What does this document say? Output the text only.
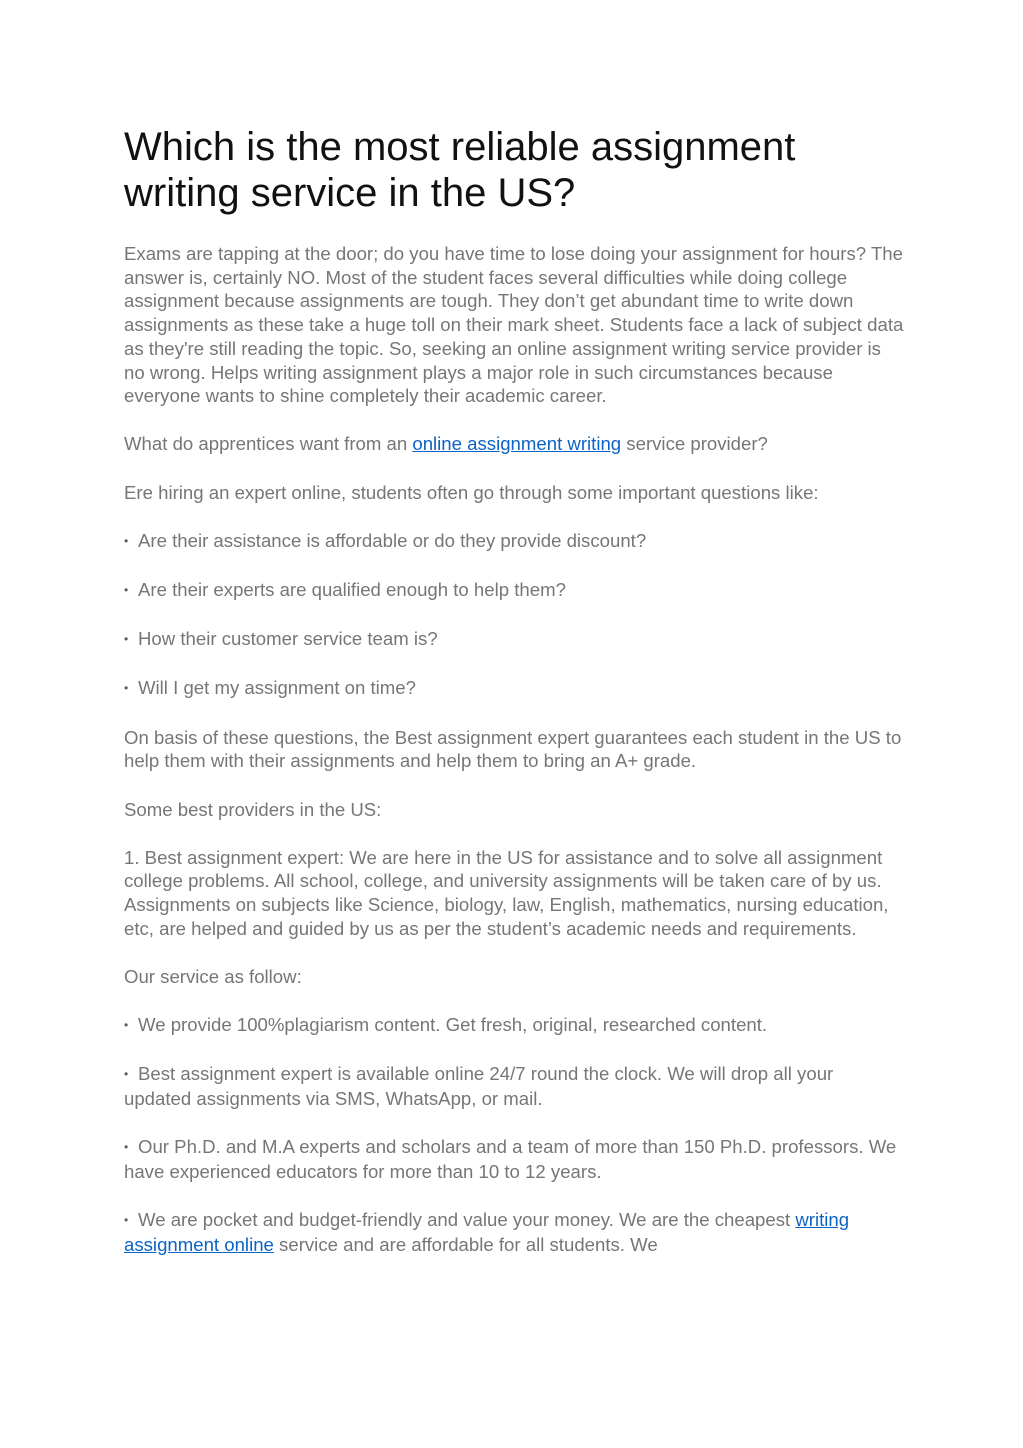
Which is the most reliable assignment writing service in the US?

Exams are tapping at the door; do you have time to lose doing your assignment for hours? The answer is, certainly NO. Most of the student faces several difficulties while doing college assignment because assignments are tough. They don’t get abundant time to write down assignments as these take a huge toll on their mark sheet. Students face a lack of subject data as they're still reading the topic. So, seeking an online assignment writing service provider is no wrong. Helps writing assignment plays a major role in such circumstances because everyone wants to shine completely their academic career.

What do apprentices want from an online assignment writing service provider?

Ere hiring an expert online, students often go through some important questions like:

• Are their assistance is affordable or do they provide discount?

• Are their experts are qualified enough to help them?

• How their customer service team is?

• Will I get my assignment on time?

On basis of these questions, the Best assignment expert guarantees each student in the US to help them with their assignments and help them to bring an A+ grade.

Some best providers in the US:

1. Best assignment expert: We are here in the US for assistance and to solve all assignment college problems. All school, college, and university assignments will be taken care of by us. Assignments on subjects like Science, biology, law, English, mathematics, nursing education, etc, are helped and guided by us as per the student’s academic needs and requirements.

Our service as follow:

• We provide 100%plagiarism content. Get fresh, original, researched content.

• Best assignment expert is available online 24/7 round the clock. We will drop all your updated assignments via SMS, WhatsApp, or mail.

• Our Ph.D. and M.A experts and scholars and a team of more than 150 Ph.D. professors. We have experienced educators for more than 10 to 12 years.

• We are pocket and budget-friendly and value your money. We are the cheapest writing assignment online service and are affordable for all students. We
